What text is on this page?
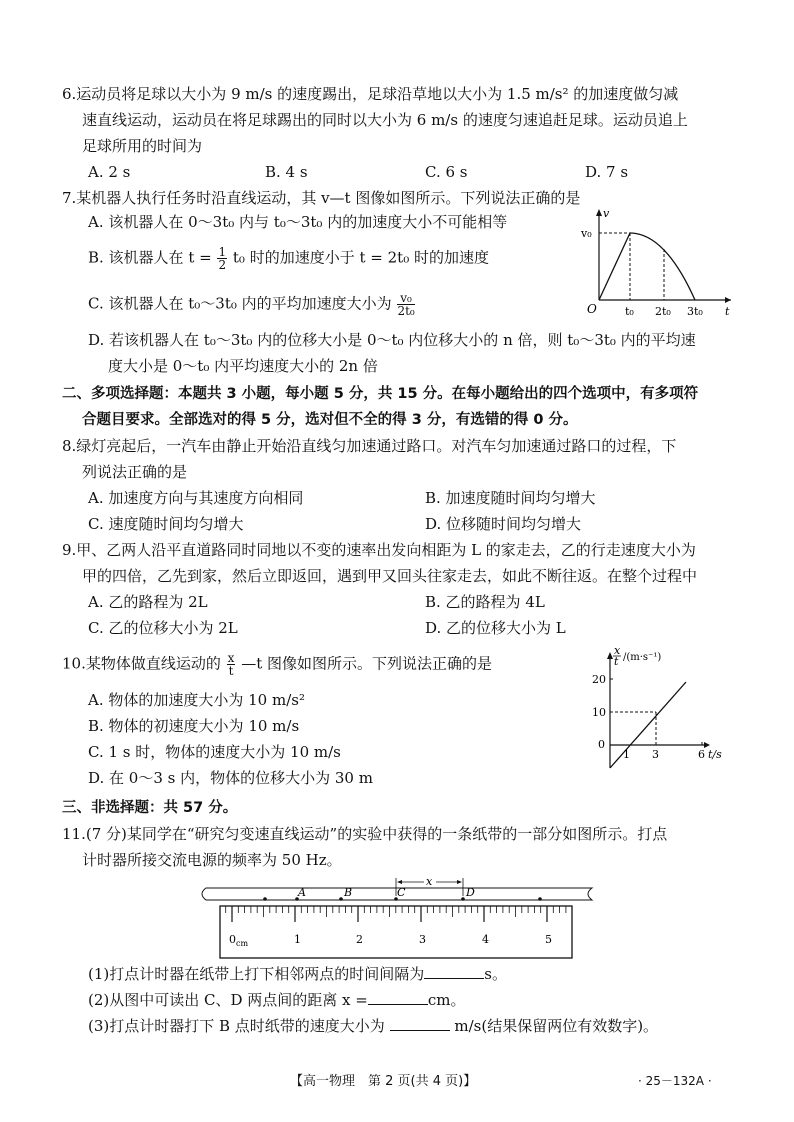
6.运动员将足球以大小为 9 m/s 的速度踢出，足球沿草地以大小为 1.5 m/s² 的加速度做匀减
速直线运动，运动员在将足球踢出的同时以大小为 6 m/s 的速度匀速追赶足球。运动员追上
足球所用的时间为
A. 2 s	B. 4 s	C. 6 s	D. 7 s
7.某机器人执行任务时沿直线运动，其 v—t 图像如图所示。下列说法正确的是
A. 该机器人在 0～3t₀ 内与 t₀～3t₀ 内的加速度大小不可能相等
B. 该机器人在 $t = \frac{1}{2} t_0$ 时的加速度小于 t = 2t₀ 时的加速度
C. 该机器人在 t₀～3t₀ 内的平均加速度大小为 $\frac{\text{v₀}}{\text{2t₀}}$
D. 若该机器人在 t₀～3t₀ 内的位移大小是 0～t₀ 内位移大小的 n 倍，则 t₀～3t₀ 内的平均速
度大小是 0～t₀ 内平均速度大小的 2n 倍
v
v₀
O	t₀ 2t₀ 3t₀ t
二、多项选择题：本题共 3 小题，每小题 5 分，共 15 分。在每小题给出的四个选项中，有多项符
合题目要求。全部选对的得 5 分，选对但不全的得 3 分，有选错的得 0 分。
8.绿灯亮起后，一汽车由静止开始沿直线匀加速通过路口。对汽车匀加速通过路口的过程，下
列说法正确的是
A. 加速度方向与其速度方向相同	B. 加速度随时间均匀增大
C. 速度随时间均匀增大	D. 位移随时间均匀增大
9.甲、乙两人沿平直道路同时同地以不变的速率出发向相距为 L 的家走去，乙的行走速度大小为
甲的四倍，乙先到家，然后立即返回，遇到甲又回头往家走去，如此不断往返。在整个过程中
A. 乙的路程为 2L	B. 乙的路程为 4L
C. 乙的位移大小为 2L	D. 乙的位移大小为 L
10.某物体做直线运动的 $\frac{x}{t}$ —t 图像如图所示。下列说法正确的是
A. 物体的加速度大小为 10 m/s²
B. 物体的初速度大小为 10 m/s
C. 1 s 时，物体的速度大小为 10 m/s
D. 在 0～3 s 内，物体的位移大小为 30 m
x
t /(m·s⁻¹)
20
10
0
1 3	6 t/s
三、非选择题：共 57 分。
11.(7 分)某同学在“研究匀变速直线运动”的实验中获得的一条纸带的一部分如图所示。打点
计时器所接交流电源的频率为 50 Hz。
A	B	C	D
x
0 cm	1	2	3	4	5
(1)打点计时器在纸带上打下相邻两点的时间间隔为	s。
(2)从图中可读出 C、D 两点间的距离 x =	cm。
(3)打点计时器打下 B 点时纸带的速度大小为	m/s(结果保留两位有效数字)。
【高一物理　第 2 页(共 4 页)】	· 25－132A ·
